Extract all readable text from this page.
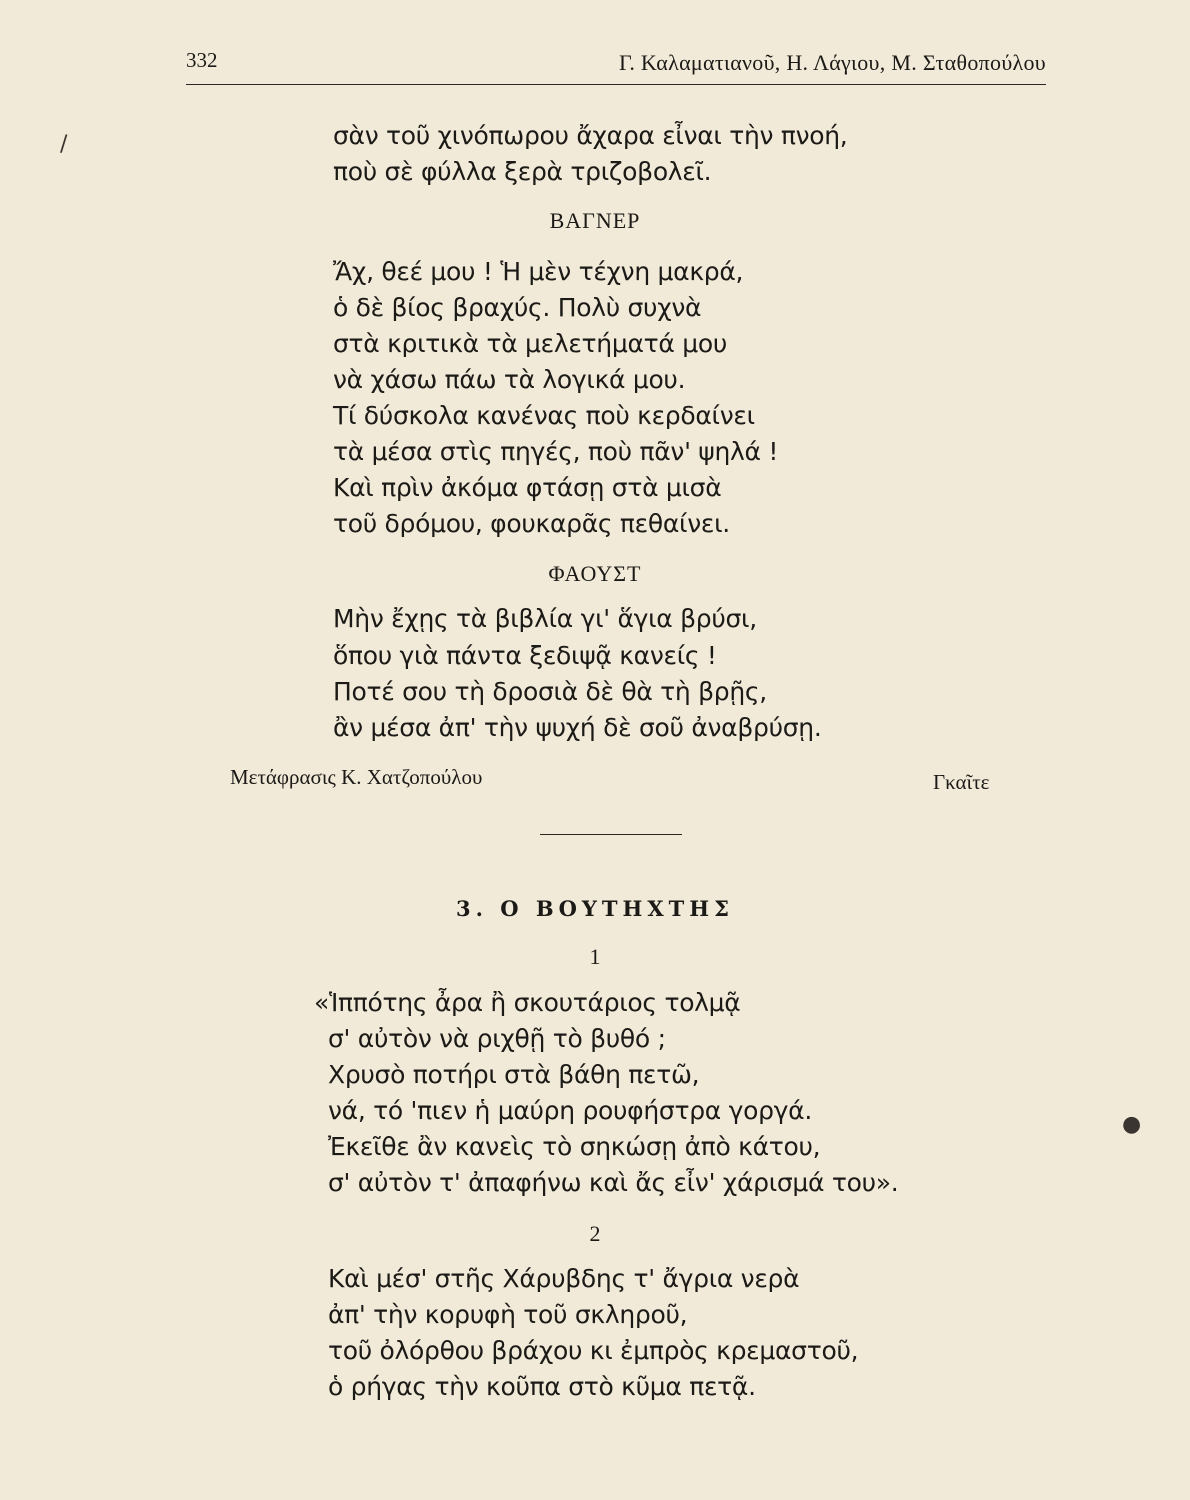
332	Γ. Καλαματιανοῦ, Η. Λάγιου, Μ. Σταθοπούλου
/
●
σὰν τοῦ χινόπωρου ἄχαρα εἶναι τὴν πνοή,
ποὺ σὲ φύλλα ξερὰ τριζοβολεῖ.
ΒΑΓΝΕΡ
Ἄχ, θεέ μου ! Ἡ μὲν τέχνη μακρά,
ὁ δὲ βίος βραχύς. Πολὺ συχνὰ
στὰ κριτικὰ τὰ μελετήματά μου
νὰ χάσω πάω τὰ λογικά μου.
Τί δύσκολα κανένας ποὺ κερδαίνει
τὰ μέσα στὶς πηγές, ποὺ πᾶν' ψηλά !
Καὶ πρὶν ἀκόμα φτάσῃ στὰ μισὰ
τοῦ δρόμου, φουκαρᾶς πεθαίνει.
ΦΑΟΥΣΤ
Μὴν ἔχῃς τὰ βιβλία γι' ἅγια βρύσι,
ὅπου γιὰ πάντα ξεδιψᾷ κανείς !
Ποτέ σου τὴ δροσιὰ δὲ θὰ τὴ βρῇς,
ἂν μέσα ἀπ' τὴν ψυχή δὲ σοῦ ἀναβρύσῃ.
Μετάφρασις Κ. Χατζοπούλου	Γκαῖτε
3. Ο ΒΟΥΤΗΧΤΗΣ
1
«Ἱππότης ἆρα ἢ σκουτάριος τολμᾷ
σ' αὐτὸν νὰ ριχθῇ τὸ βυθό ;
Χρυσὸ ποτήρι στὰ βάθη πετῶ,
νά, τό 'πιεν ἡ μαύρη ρουφήστρα γοργά.
Ἐκεῖθε ἂν κανεὶς τὸ σηκώσῃ ἀπὸ κάτου,
σ' αὐτὸν τ' ἀπαφήνω καὶ ἄς εἶν' χάρισμά του».
2
Καὶ μέσ' στῆς Χάρυβδης τ' ἄγρια νερὰ
ἀπ' τὴν κορυφὴ τοῦ σκληροῦ,
τοῦ ὀλόρθου βράχου κι ἐμπρὸς κρεμαστοῦ,
ὁ ρήγας τὴν κοῦπα στὸ κῦμα πετᾷ.
